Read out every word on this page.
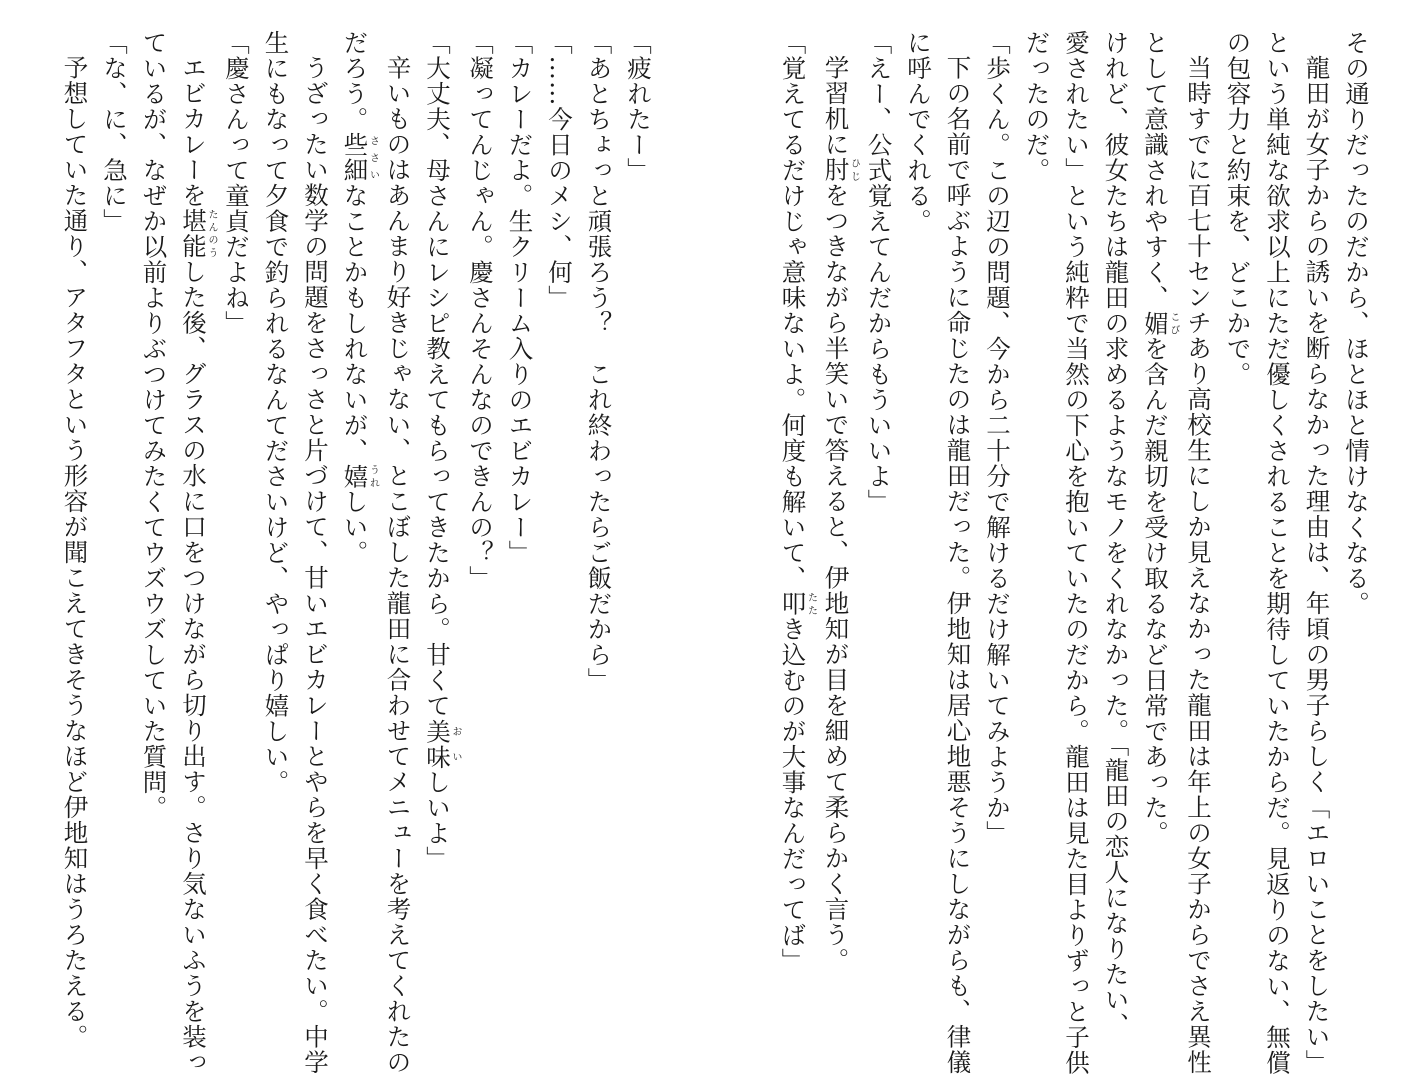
その通りだったのだから、ほとほと情けなくなる。
龍田が女子からの誘いを断らなかった理由は、年頃の男子らしく「エロいことをしたい」
という単純な欲求以上にただ優しくされることを期待していたからだ。見返りのない、無償
の包容力と約束を、どこかで。
当時すでに百七十センチあり高校生にしか見えなかった龍田は年上の女子からでさえ異性
として意識されやすく、媚こびを含んだ親切を受け取るなど日常であった。
けれど、彼女たちは龍田の求めるようなモノをくれなかった。「龍田の恋人になりたい、
愛されたい」という純粋で当然の下心を抱いていたのだから。龍田は見た目よりずっと子供
だったのだ。
「歩くん。この辺の問題、今から二十分で解けるだけ解いてみようか」
下の名前で呼ぶように命じたのは龍田だった。伊地知は居心地悪そうにしながらも、律儀
に呼んでくれる。
「えー、公式覚えてんだからもういいよ」
学習机に肘ひじをつきながら半笑いで答えると、伊地知が目を細めて柔らかく言う。
「覚えてるだけじゃ意味ないよ。何度も解いて、叩たたき込むのが大事なんだってば」
「疲れたー」
「あとちょっと頑張ろう？　これ終わったらご飯だから」
「……今日のメシ、何」
「カレーだよ。生クリーム入りのエビカレー」
「凝ってんじゃん。慶さんそんなのできんの？」
「大丈夫、母さんにレシピ教えてもらってきたから。甘くて美味おいしいよ」
辛いものはあんまり好きじゃない、とこぼした龍田に合わせてメニューを考えてくれたの
だろう。些細ささいなことかもしれないが、嬉うれしい。
うざったい数学の問題をさっさと片づけて、甘いエビカレーとやらを早く食べたい。中学
生にもなって夕食で釣られるなんてださいけど、やっぱり嬉しい。
「慶さんって童貞だよね」
エビカレーを堪能たんのうした後、グラスの水に口をつけながら切り出す。さり気ないふうを装っ
ているが、なぜか以前よりぶつけてみたくてウズウズしていた質問。
「な、に、急に」
予想していた通り、アタフタという形容が聞こえてきそうなほど伊地知はうろたえる。
